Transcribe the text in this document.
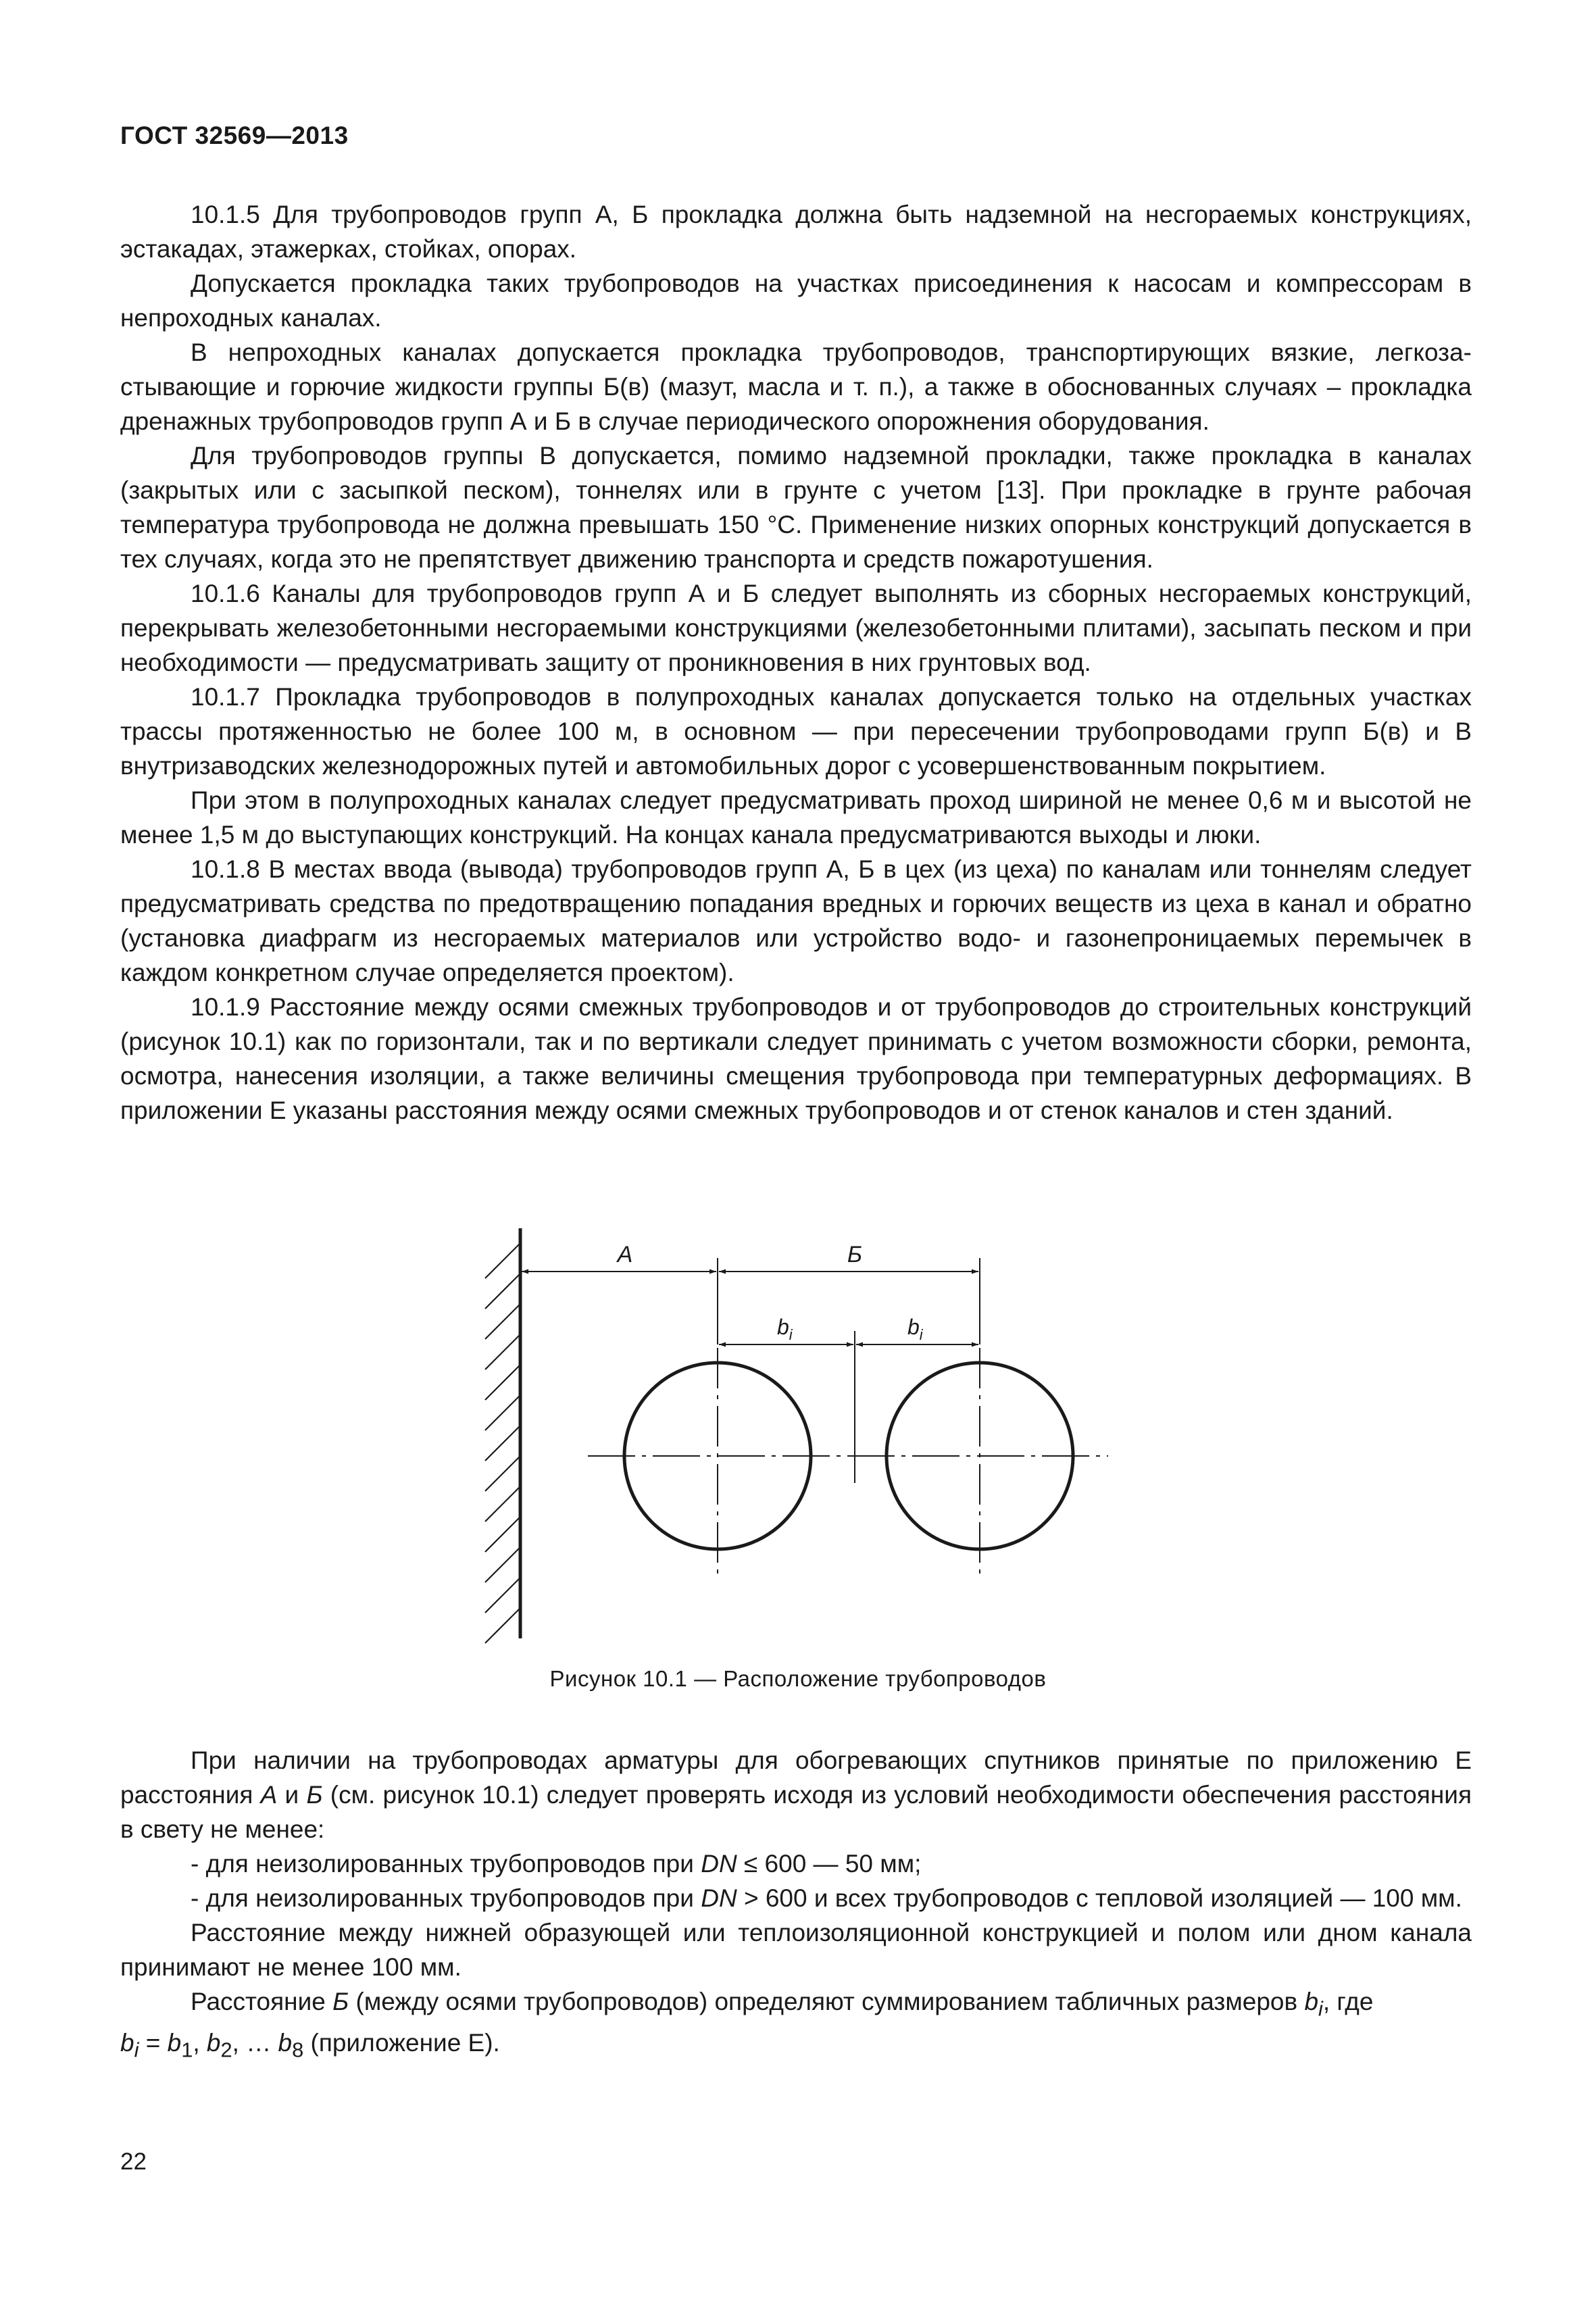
ГОСТ 32569—2013

10.1.5 Для трубопроводов групп А, Б прокладка должна быть надземной на несгораемых конструкциях, эстакадах, этажерках, стойках, опорах.

Допускается прокладка таких трубопроводов на участках присоединения к насосам и компрессорам в непроходных каналах.

В непроходных каналах допускается прокладка трубопроводов, транспортирующих вязкие, легкозастывающие и горючие жидкости группы Б(в) (мазут, масла и т. п.), а также в обоснованных случаях – прокладка дренажных трубопроводов групп А и Б в случае периодического опорожнения оборудования.

Для трубопроводов группы В допускается, помимо надземной прокладки, также прокладка в каналах (закрытых или с засыпкой песком), тоннелях или в грунте с учетом [13]. При прокладке в грунте рабочая температура трубопровода не должна превышать 150 °С. Применение низких опорных конструкций допускается в тех случаях, когда это не препятствует движению транспорта и средств пожаротушения.

10.1.6 Каналы для трубопроводов групп А и Б следует выполнять из сборных несгораемых конструкций, перекрывать железобетонными несгораемыми конструкциями (железобетонными плитами), засыпать песком и при необходимости — предусматривать защиту от проникновения в них грунтовых вод.

10.1.7 Прокладка трубопроводов в полупроходных каналах допускается только на отдельных участках трассы протяженностью не более 100 м, в основном — при пересечении трубопроводами групп Б(в) и В внутризаводских железнодорожных путей и автомобильных дорог с усовершенствованным покрытием.

При этом в полупроходных каналах следует предусматривать проход шириной не менее 0,6 м и высотой не менее 1,5 м до выступающих конструкций. На концах канала предусматриваются выходы и люки.

10.1.8 В местах ввода (вывода) трубопроводов групп А, Б в цех (из цеха) по каналам или тоннелям следует предусматривать средства по предотвращению попадания вредных и горючих веществ из цеха в канал и обратно (установка диафрагм из несгораемых материалов или устройство водо- и газонепроницаемых перемычек в каждом конкретном случае определяется проектом).

10.1.9 Расстояние между осями смежных трубопроводов и от трубопроводов до строительных конструкций (рисунок 10.1) как по горизонтали, так и по вертикали следует принимать с учетом возможности сборки, ремонта, осмотра, нанесения изоляции, а также величины смещения трубопровода при температурных деформациях. В приложении Е указаны расстояния между осями смежных трубопроводов и от стенок каналов и стен зданий.

А	Б
$b_i$	$b_i$
Рисунок 10.1 — Расположение трубопроводов

При наличии на трубопроводах арматуры для обогревающих спутников принятые по приложению Е расстояния А и Б (см. рисунок 10.1) следует проверять исходя из условий необходимости обеспечения расстояния в свету не менее:

- для неизолированных трубопроводов при DN ≤ 600 — 50 мм;

- для неизолированных трубопроводов при DN > 600 и всех трубопроводов с тепловой изоляцией — 100 мм.

Расстояние между нижней образующей или теплоизоляционной конструкцией и полом или дном канала принимают не менее 100 мм.

Расстояние Б (между осями трубопроводов) определяют суммированием табличных размеров $b_i$, где

$b_i = b_1$, $b_2$, … $b_8$ (приложение Е).

22
